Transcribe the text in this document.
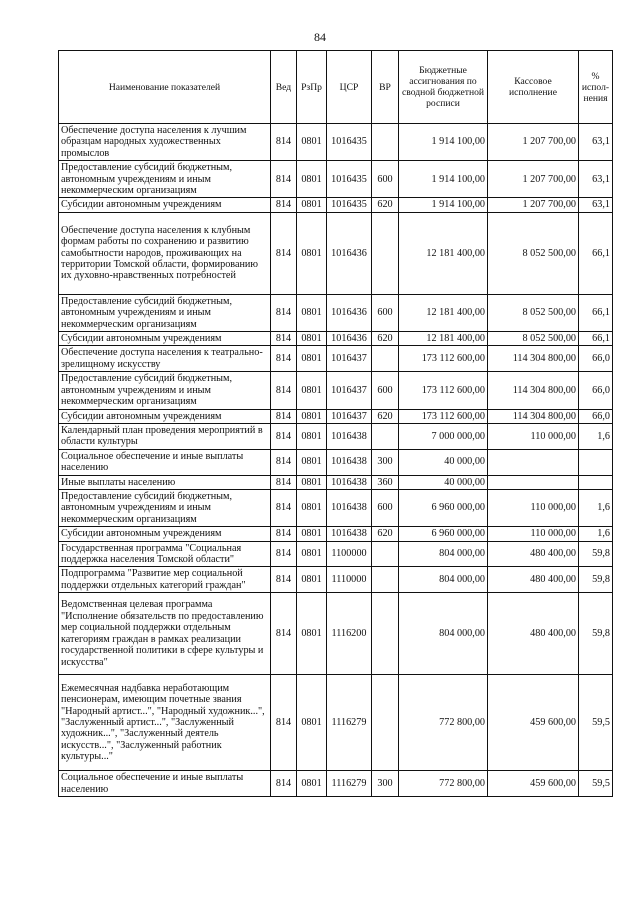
84
Наименование показателей	Вед	РзПр	ЦСР	ВР	Бюджетные ассигнования по сводной бюджетной росписи	Кассовое исполнение	% испол-нения
Обеспечение доступа населения к лучшим образцам народных художественных промыслов	814	0801	1016435		1 914 100,00	1 207 700,00	63,1
Предоставление субсидий бюджетным, автономным учреждениям и иным некоммерческим организациям	814	0801	1016435	600	1 914 100,00	1 207 700,00	63,1
Субсидии автономным учреждениям	814	0801	1016435	620	1 914 100,00	1 207 700,00	63,1
Обеспечение доступа населения к клубным формам работы по сохранению и развитию самобытности народов, проживающих на территории Томской области, формированию их духовно-нравственных потребностей	814	0801	1016436		12 181 400,00	8 052 500,00	66,1
Предоставление субсидий бюджетным, автономным учреждениям и иным некоммерческим организациям	814	0801	1016436	600	12 181 400,00	8 052 500,00	66,1
Субсидии автономным учреждениям	814	0801	1016436	620	12 181 400,00	8 052 500,00	66,1
Обеспечение доступа населения к театрально-зрелищному искусству	814	0801	1016437		173 112 600,00	114 304 800,00	66,0
Предоставление субсидий бюджетным, автономным учреждениям и иным некоммерческим организациям	814	0801	1016437	600	173 112 600,00	114 304 800,00	66,0
Субсидии автономным учреждениям	814	0801	1016437	620	173 112 600,00	114 304 800,00	66,0
Календарный план проведения мероприятий в области культуры	814	0801	1016438		7 000 000,00	110 000,00	1,6
Социальное обеспечение и иные выплаты населению	814	0801	1016438	300	40 000,00		
Иные выплаты населению	814	0801	1016438	360	40 000,00		
Предоставление субсидий бюджетным, автономным учреждениям и иным некоммерческим организациям	814	0801	1016438	600	6 960 000,00	110 000,00	1,6
Субсидии автономным учреждениям	814	0801	1016438	620	6 960 000,00	110 000,00	1,6
Государственная программа "Социальная поддержка населения Томской области"	814	0801	1100000		804 000,00	480 400,00	59,8
Подпрограмма "Развитие мер социальной поддержки отдельных категорий граждан"	814	0801	1110000		804 000,00	480 400,00	59,8
Ведомственная целевая программа "Исполнение обязательств по предоставлению мер социальной поддержки отдельным категориям граждан в рамках реализации государственной политики в сфере культуры и искусства"	814	0801	1116200		804 000,00	480 400,00	59,8
Ежемесячная надбавка неработающим пенсионерам, имеющим почетные звания "Народный артист...", "Народный художник...", "Заслуженный артист...", "Заслуженный художник...", "Заслуженный деятель искусств...", "Заслуженный работник культуры..."	814	0801	1116279		772 800,00	459 600,00	59,5
Социальное обеспечение и иные выплаты населению	814	0801	1116279	300	772 800,00	459 600,00	59,5
